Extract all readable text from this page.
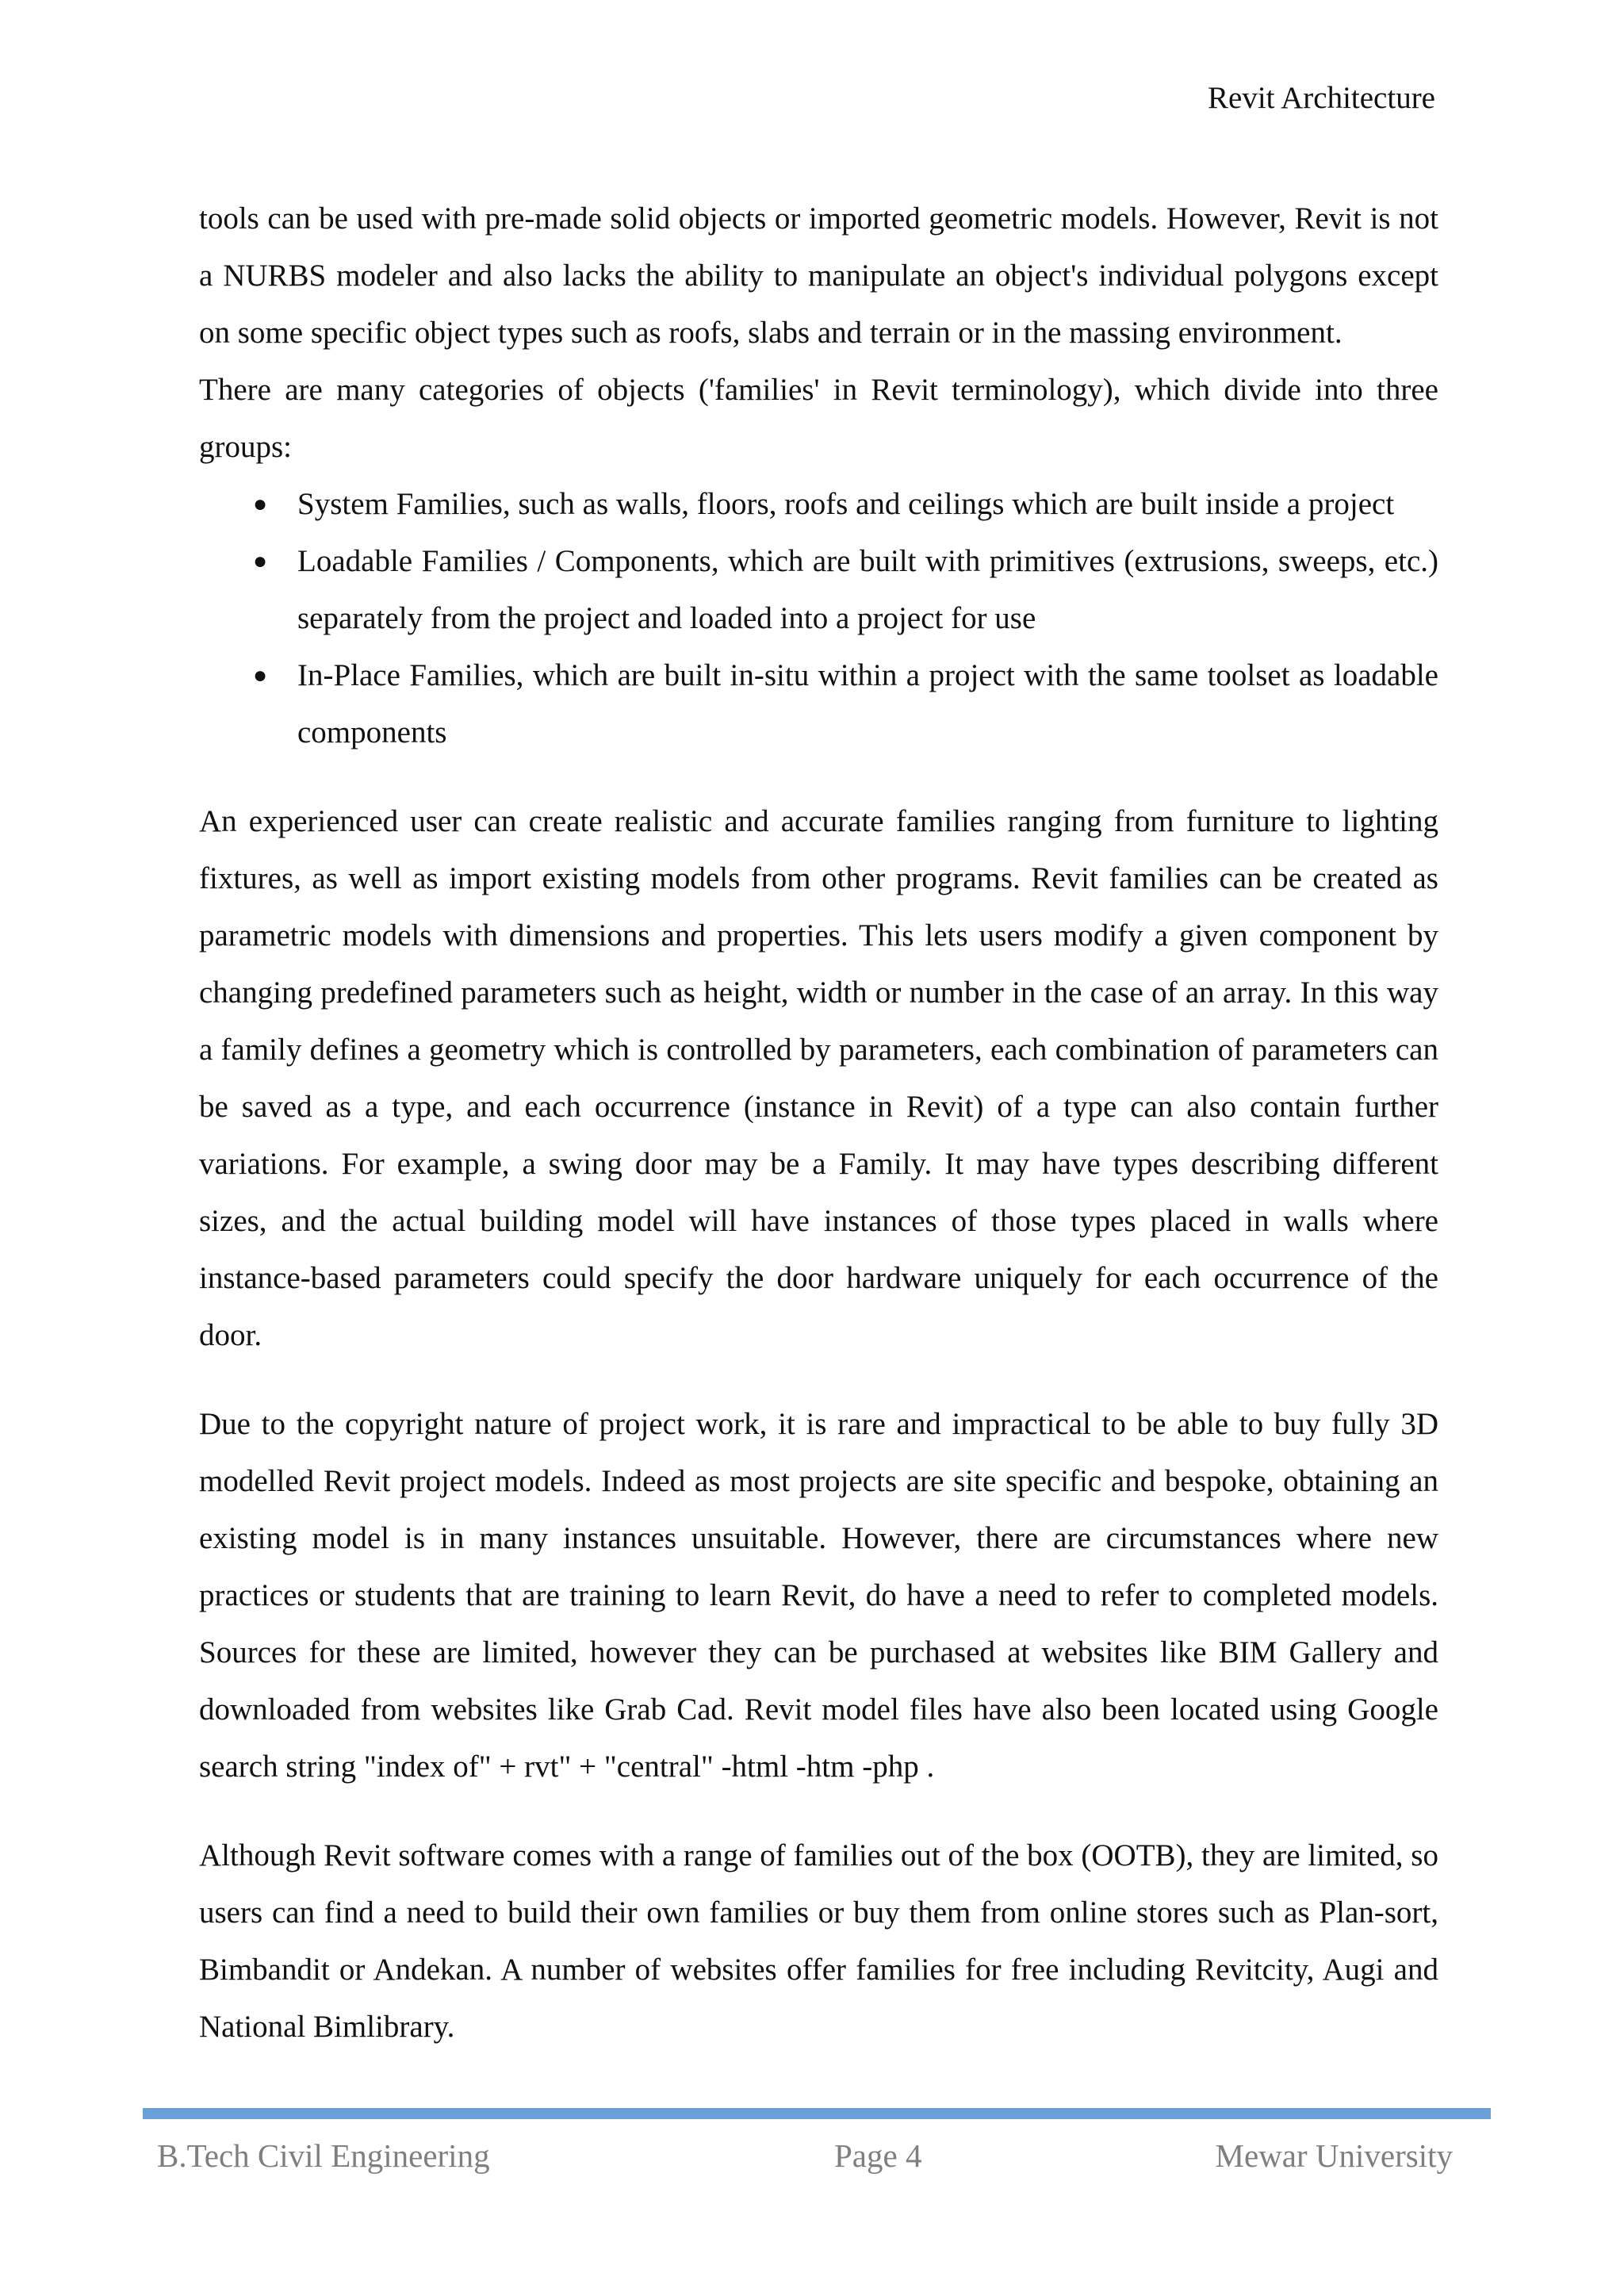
Revit Architecture

tools can be used with pre-made solid objects or imported geometric models. However, Revit is not a NURBS modeler and also lacks the ability to manipulate an object's individual polygons except on some specific object types such as roofs, slabs and terrain or in the massing environment.

There are many categories of objects ('families' in Revit terminology), which divide into three groups:

● System Families, such as walls, floors, roofs and ceilings which are built inside a project
● Loadable Families / Components, which are built with primitives (extrusions, sweeps, etc.) separately from the project and loaded into a project for use
● In-Place Families, which are built in-situ within a project with the same toolset as loadable components

An experienced user can create realistic and accurate families ranging from furniture to lighting fixtures, as well as import existing models from other programs. Revit families can be created as parametric models with dimensions and properties. This lets users modify a given component by changing predefined parameters such as height, width or number in the case of an array. In this way a family defines a geometry which is controlled by parameters, each combination of parameters can be saved as a type, and each occurrence (instance in Revit) of a type can also contain further variations. For example, a swing door may be a Family. It may have types describing different sizes, and the actual building model will have instances of those types placed in walls where instance-based parameters could specify the door hardware uniquely for each occurrence of the door.

Due to the copyright nature of project work, it is rare and impractical to be able to buy fully 3D modelled Revit project models. Indeed as most projects are site specific and bespoke, obtaining an existing model is in many instances unsuitable. However, there are circumstances where new practices or students that are training to learn Revit, do have a need to refer to completed models. Sources for these are limited, however they can be purchased at websites like BIM Gallery and downloaded from websites like Grab Cad. Revit model files have also been located using Google search string "index of" + rvt" + "central" -html -htm -php .

Although Revit software comes with a range of families out of the box (OOTB), they are limited, so users can find a need to build their own families or buy them from online stores such as Plan-sort, Bimbandit or Andekan. A number of websites offer families for free including Revitcity, Augi and National Bimlibrary.

B.Tech Civil Engineering	Page 4	Mewar University
